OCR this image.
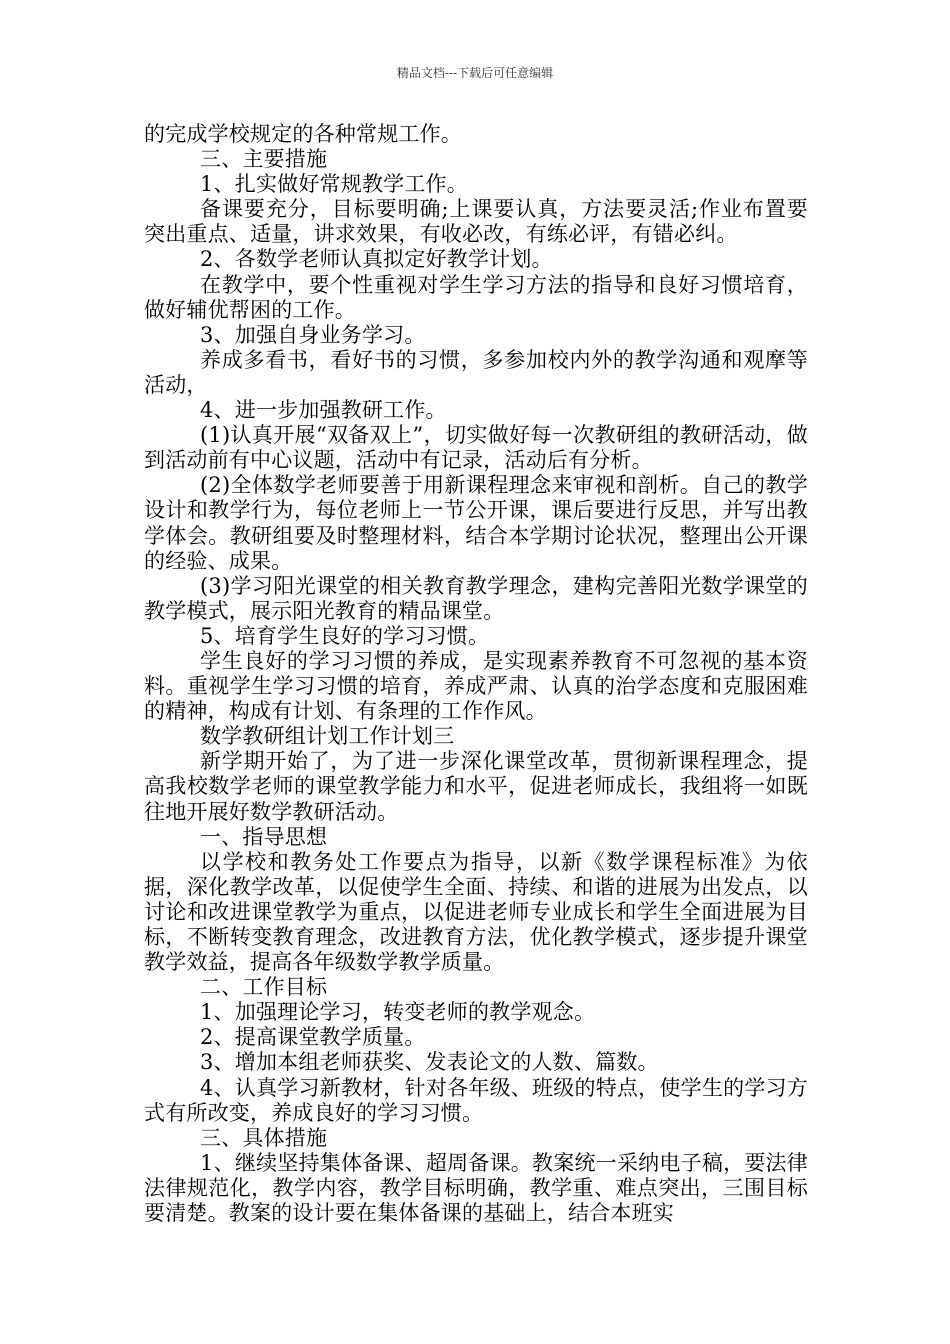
精品文档---下载后可任意编辑

的完成学校规定的各种常规工作。

三、主要措施

1、扎实做好常规教学工作。

备课要充分，目标要明确;上课要认真，方法要灵活;作业布置要突出重点、适量，讲求效果，有收必改，有练必评，有错必纠。

2、各数学老师认真拟定好教学计划。

在教学中，要个性重视对学生学习方法的指导和良好习惯培育，做好辅优帮困的工作。

3、加强自身业务学习。

养成多看书，看好书的习惯，多参加校内外的教学沟通和观摩等活动，

4、进一步加强教研工作。

(1)认真开展“双备双上”，切实做好每一次教研组的教研活动，做到活动前有中心议题，活动中有记录，活动后有分析。

(2)全体数学老师要善于用新课程理念来审视和剖析。自己的教学设计和教学行为，每位老师上一节公开课，课后要进行反思，并写出教学体会。教研组要及时整理材料，结合本学期讨论状况，整理出公开课的经验、成果。

(3)学习阳光课堂的相关教育教学理念，建构完善阳光数学课堂的教学模式，展示阳光教育的精品课堂。

5、培育学生良好的学习习惯。

学生良好的学习习惯的养成，是实现素养教育不可忽视的基本资料。重视学生学习习惯的培育，养成严肃、认真的治学态度和克服困难的精神，构成有计划、有条理的工作作风。

数学教研组计划工作计划三

新学期开始了，为了进一步深化课堂改革，贯彻新课程理念，提高我校数学老师的课堂教学能力和水平，促进老师成长，我组将一如既往地开展好数学教研活动。

一、指导思想

以学校和教务处工作要点为指导，以新《数学课程标准》为依据，深化教学改革，以促使学生全面、持续、和谐的进展为出发点，以讨论和改进课堂教学为重点，以促进老师专业成长和学生全面进展为目标，不断转变教育理念，改进教育方法，优化教学模式，逐步提升课堂教学效益，提高各年级数学教学质量。

二、工作目标

1、加强理论学习，转变老师的教学观念。

2、提高课堂教学质量。

3、增加本组老师获奖、发表论文的人数、篇数。

4、认真学习新教材，针对各年级、班级的特点，使学生的学习方式有所改变，养成良好的学习习惯。

三、具体措施

1、继续坚持集体备课、超周备课。教案统一采纳电子稿，要法律法律规范化，教学内容，教学目标明确，教学重、难点突出，三围目标要清楚。教案的设计要在集体备课的基础上，结合本班实
